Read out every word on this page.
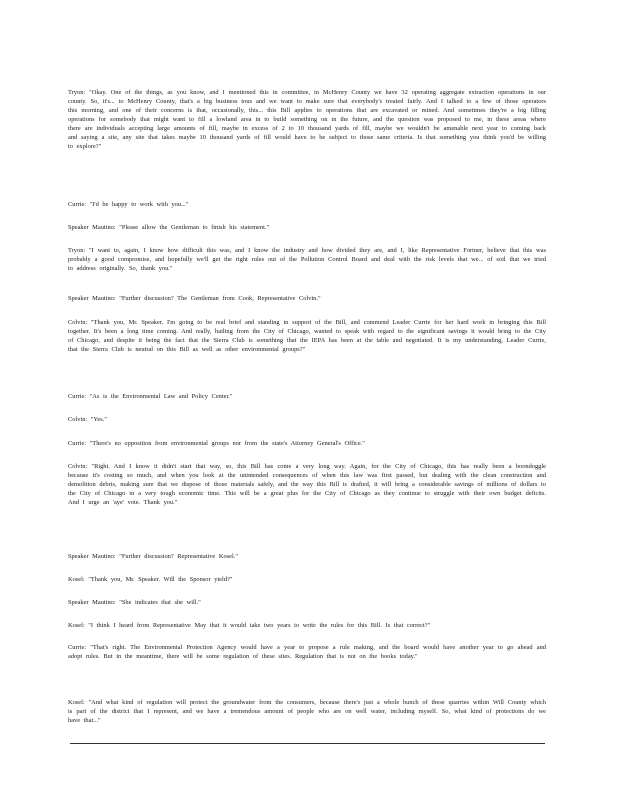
Tryon: "Okay. One of the things, as you know, and I mentioned this in committee, in McHenry County we have 32 operating aggregate extraction operations in our county. So, it's... to McHenry County, that's a big business tous and we want to make sure that everybody's treated fairly. And I talked to a few of those operators this morning, and one of their concerns is that, occasionally, this... this Bill applies to operations that are excavated or mined. And sometimes they're a big filling operations for somebody that might want to fill a lowland area in to build something on in the future, and the question was proposed to me, in these areas where there are individuals accepting large amounts of fill, maybe in excess of 2 to 10 thousand yards of fill, maybe we wouldn't be amenable next year to coming back and saying a site, any site that takes maybe 10 thousand yards of fill would have to be subject to those same criteria. Is that something you think you'd be willing to explore?"

Currie: "I'd be happy to work with you..."

Speaker Mautino: "Please allow the Gentleman to finish his statement."

Tryon: "I want to, again, I know how difficult this was, and I know the industry and how divided they are, and I, like Representative Fortner, believe that this was probably a good compromise, and hopefully we'll get the right rules out of the Pollution Control Board and deal with the risk levels that we... of soil that we tried to address originally. So, thank you."

Speaker Mautino: "Further discussion? The Gentleman from Cook, Representative Colvin."

Colvin: "Thank you, Mr. Speaker. I'm going to be real brief and standing in support of the Bill, and commend Leader Currie for her hard work in bringing this Bill together. It's been a long time coming. And really, hailing from the City of Chicago, wanted to speak with regard to the significant savings it would bring to the City of Chicago, and despite it being the fact that the Sierra Club is something that the IEPA has been at the table and negotiated. It is my understanding, Leader Currie, that the Sierra Club is neutral on this Bill as well as other environmental groups?"

Currie: "As is the Environmental Law and Policy Center."

Colvin: "Yes."

Currie: "There's no opposition from environmental groups nor from the state's Attorney General's Office."

Colvin: "Right. And I know it didn't start that way, so, this Bill has come a very long way. Again, for the City of Chicago, this has really been a boondoggle because it's costing so much, and when you look at the unintended consequences of when this law was first passed, but dealing with the clean construction and demolition debris, making sure that we dispose of those materials safely, and the way this Bill is drafted, it will bring a considerable savings of millions of dollars to the City of Chicago in a very tough economic time. This will be a great plus for the City of Chicago as they continue to struggle with their own budget deficits. And I urge an 'aye' vote. Thank you."

Speaker Mautino: "Further discussion? Representative Kosel."

Kosel: "Thank you, Mr. Speaker. Will the Sponsor yield?"

Speaker Mautino: "She indicates that she will."

Kosel: "I think I heard from Representative May that it would take two years to write the rules for this Bill. Is that correct?"

Currie: "That's right. The Environmental Protection Agency would have a year to propose a rule making, and the board would have another year to go ahead and adopt rules. But in the meantime, there will be some regulation of these sites. Regulation that is not on the books today."

Kosel: "And what kind of regulation will protect the groundwater from the consumers, because there's just a whole bunch of these quarries within Will County which is part of the district that I represent, and we have a tremendous amount of people who are on well water, including myself. So, what kind of protections do we have that..."
